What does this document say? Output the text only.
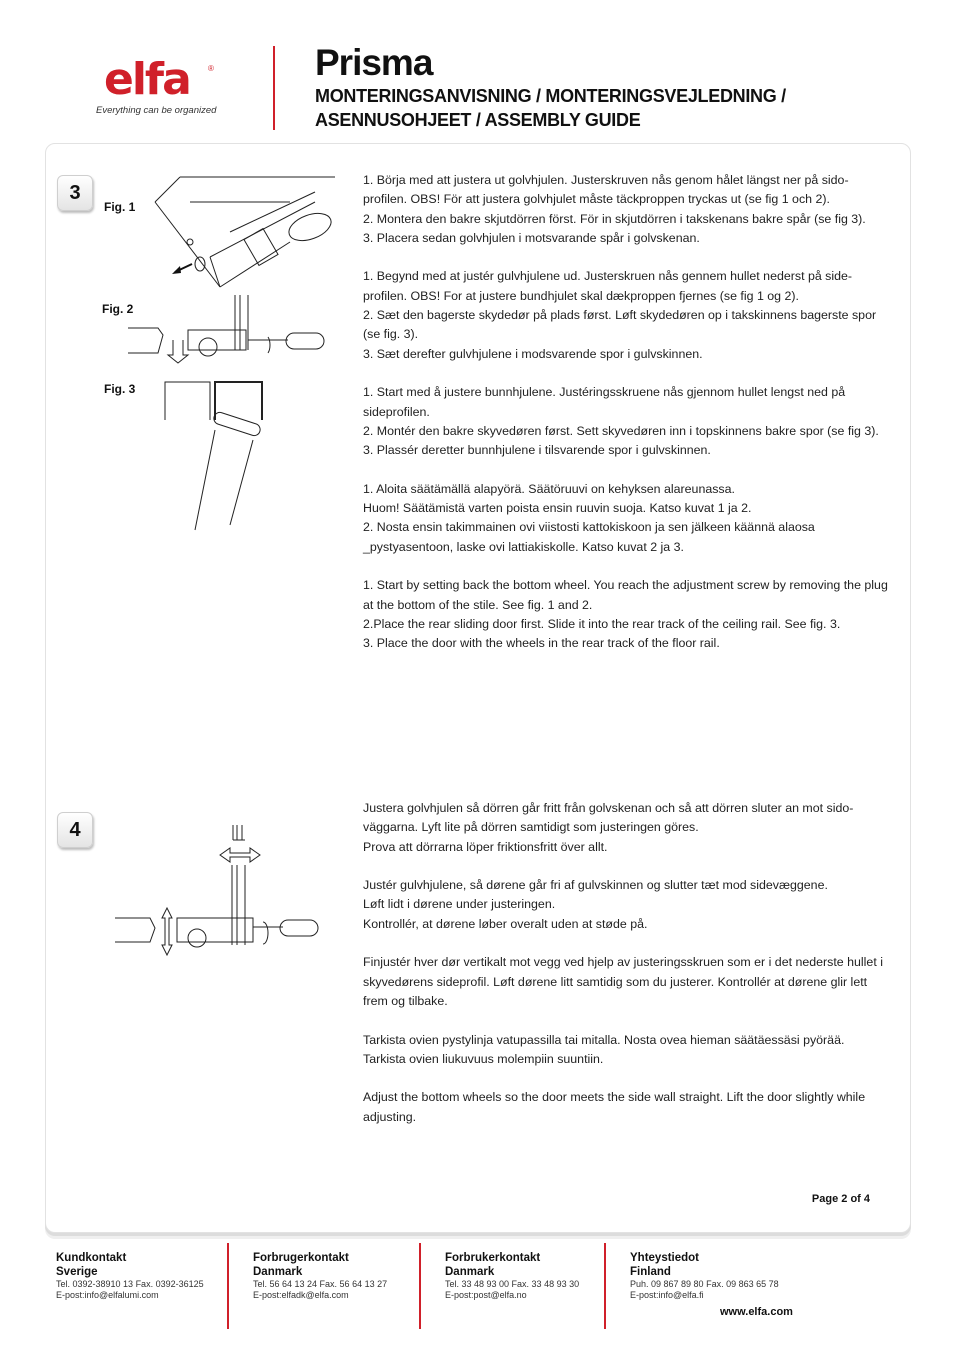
elfa ®
Everything can be organized
Prisma
MONTERINGSANVISNING / MONTERINGSVEJLEDNING / ASENNUSOHJEET / ASSEMBLY GUIDE
3
Fig. 1
Fig. 2
Fig. 3

1. Börja med att justera ut golvhjulen. Justerskruven nås genom hålet längst ner på sido-profilen. OBS! För att justera golvhjulet måste täckproppen tryckas ut (se fig 1 och 2).
2. Montera den bakre skjutdörren först. För in skjutdörren i takskenans bakre spår (se fig 3).
3. Placera sedan golvhjulen i motsvarande spår i golvskenan.

1. Begynd med at justér gulvhjulene ud. Justerskruen nås gennem hullet nederst på side-profilen. OBS! For at justere bundhjulet skal dækproppen fjernes (se fig 1 og 2).
2. Sæt den bagerste skydedør på plads først. Løft skydedøren op i takskinnens bagerste spor (se fig. 3).
3. Sæt derefter gulvhjulene i modsvarende spor i gulvskinnen.

1. Start med å justere bunnhjulene. Justéringsskruene nås gjennom hullet lengst ned på sideprofilen.
2. Montér den bakre skyvedøren først. Sett skyvedøren inn i topskinnens bakre spor (se fig 3).
3. Plassér deretter bunnhjulene i tilsvarende spor i gulvskinnen.

1. Aloita säätämällä alapyörä. Säätöruuvi on kehyksen alareunassa.
Huom! Säätämistä varten poista ensin ruuvin suoja. Katso kuvat 1 ja 2.
2. Nosta ensin takimmainen ovi viistosti kattokiskoon ja sen jälkeen käännä alaosa _pystyasentoon, laske ovi lattiakiskolle. Katso kuvat 2 ja 3.

1. Start by setting back the bottom wheel. You reach the adjustment screw by removing the plug at the bottom of the stile. See fig. 1 and 2.
2.Place the rear sliding door first. Slide it into the rear track of the ceiling rail. See fig. 3.
3. Place the door with the wheels in the rear track of the floor rail.

4

Justera golvhjulen så dörren går fritt från golvskenan och så att dörren sluter an mot sido-väggarna. Lyft lite på dörren samtidigt som justeringen göres.
Prova att dörrarna löper friktionsfritt över allt.

Justér gulvhjulene, så dørene går fri af gulvskinnen og slutter tæt mod sidevæggene.
Løft lidt i dørene under justeringen.
Kontrollér, at dørene løber overalt uden at støde på.

Finjustér hver dør vertikalt mot vegg ved hjelp av justeringsskruen som er i det nederste hullet i skyvedørens sideprofil. Løft dørene litt samtidig som du justerer. Kontrollér at dørene glir lett frem og tilbake.

Tarkista ovien pystylinja vatupassilla tai mitalla. Nosta ovea hieman säätäessäsi pyörää.
Tarkista ovien liukuvuus molempiin suuntiin.

Adjust the bottom wheels so the door meets the side wall straight. Lift the door slightly while adjusting.

Page 2 of 4
Kundkontakt
Sverige
Tel. 0392-38910 13 Fax. 0392-36125
E-post:info@elfalumi.com
Forbrugerkontakt
Danmark
Tel. 56 64 13 24 Fax. 56 64 13 27
E-post:elfadk@elfa.com
Forbrukerkontakt
Danmark
Tel. 33 48 93 00 Fax. 33 48 93 30
E-post:post@elfa.no
Yhteystiedot
Finland
Puh. 09 867 89 80 Fax. 09 863 65 78
E-post:info@elfa.fi
www.elfa.com
